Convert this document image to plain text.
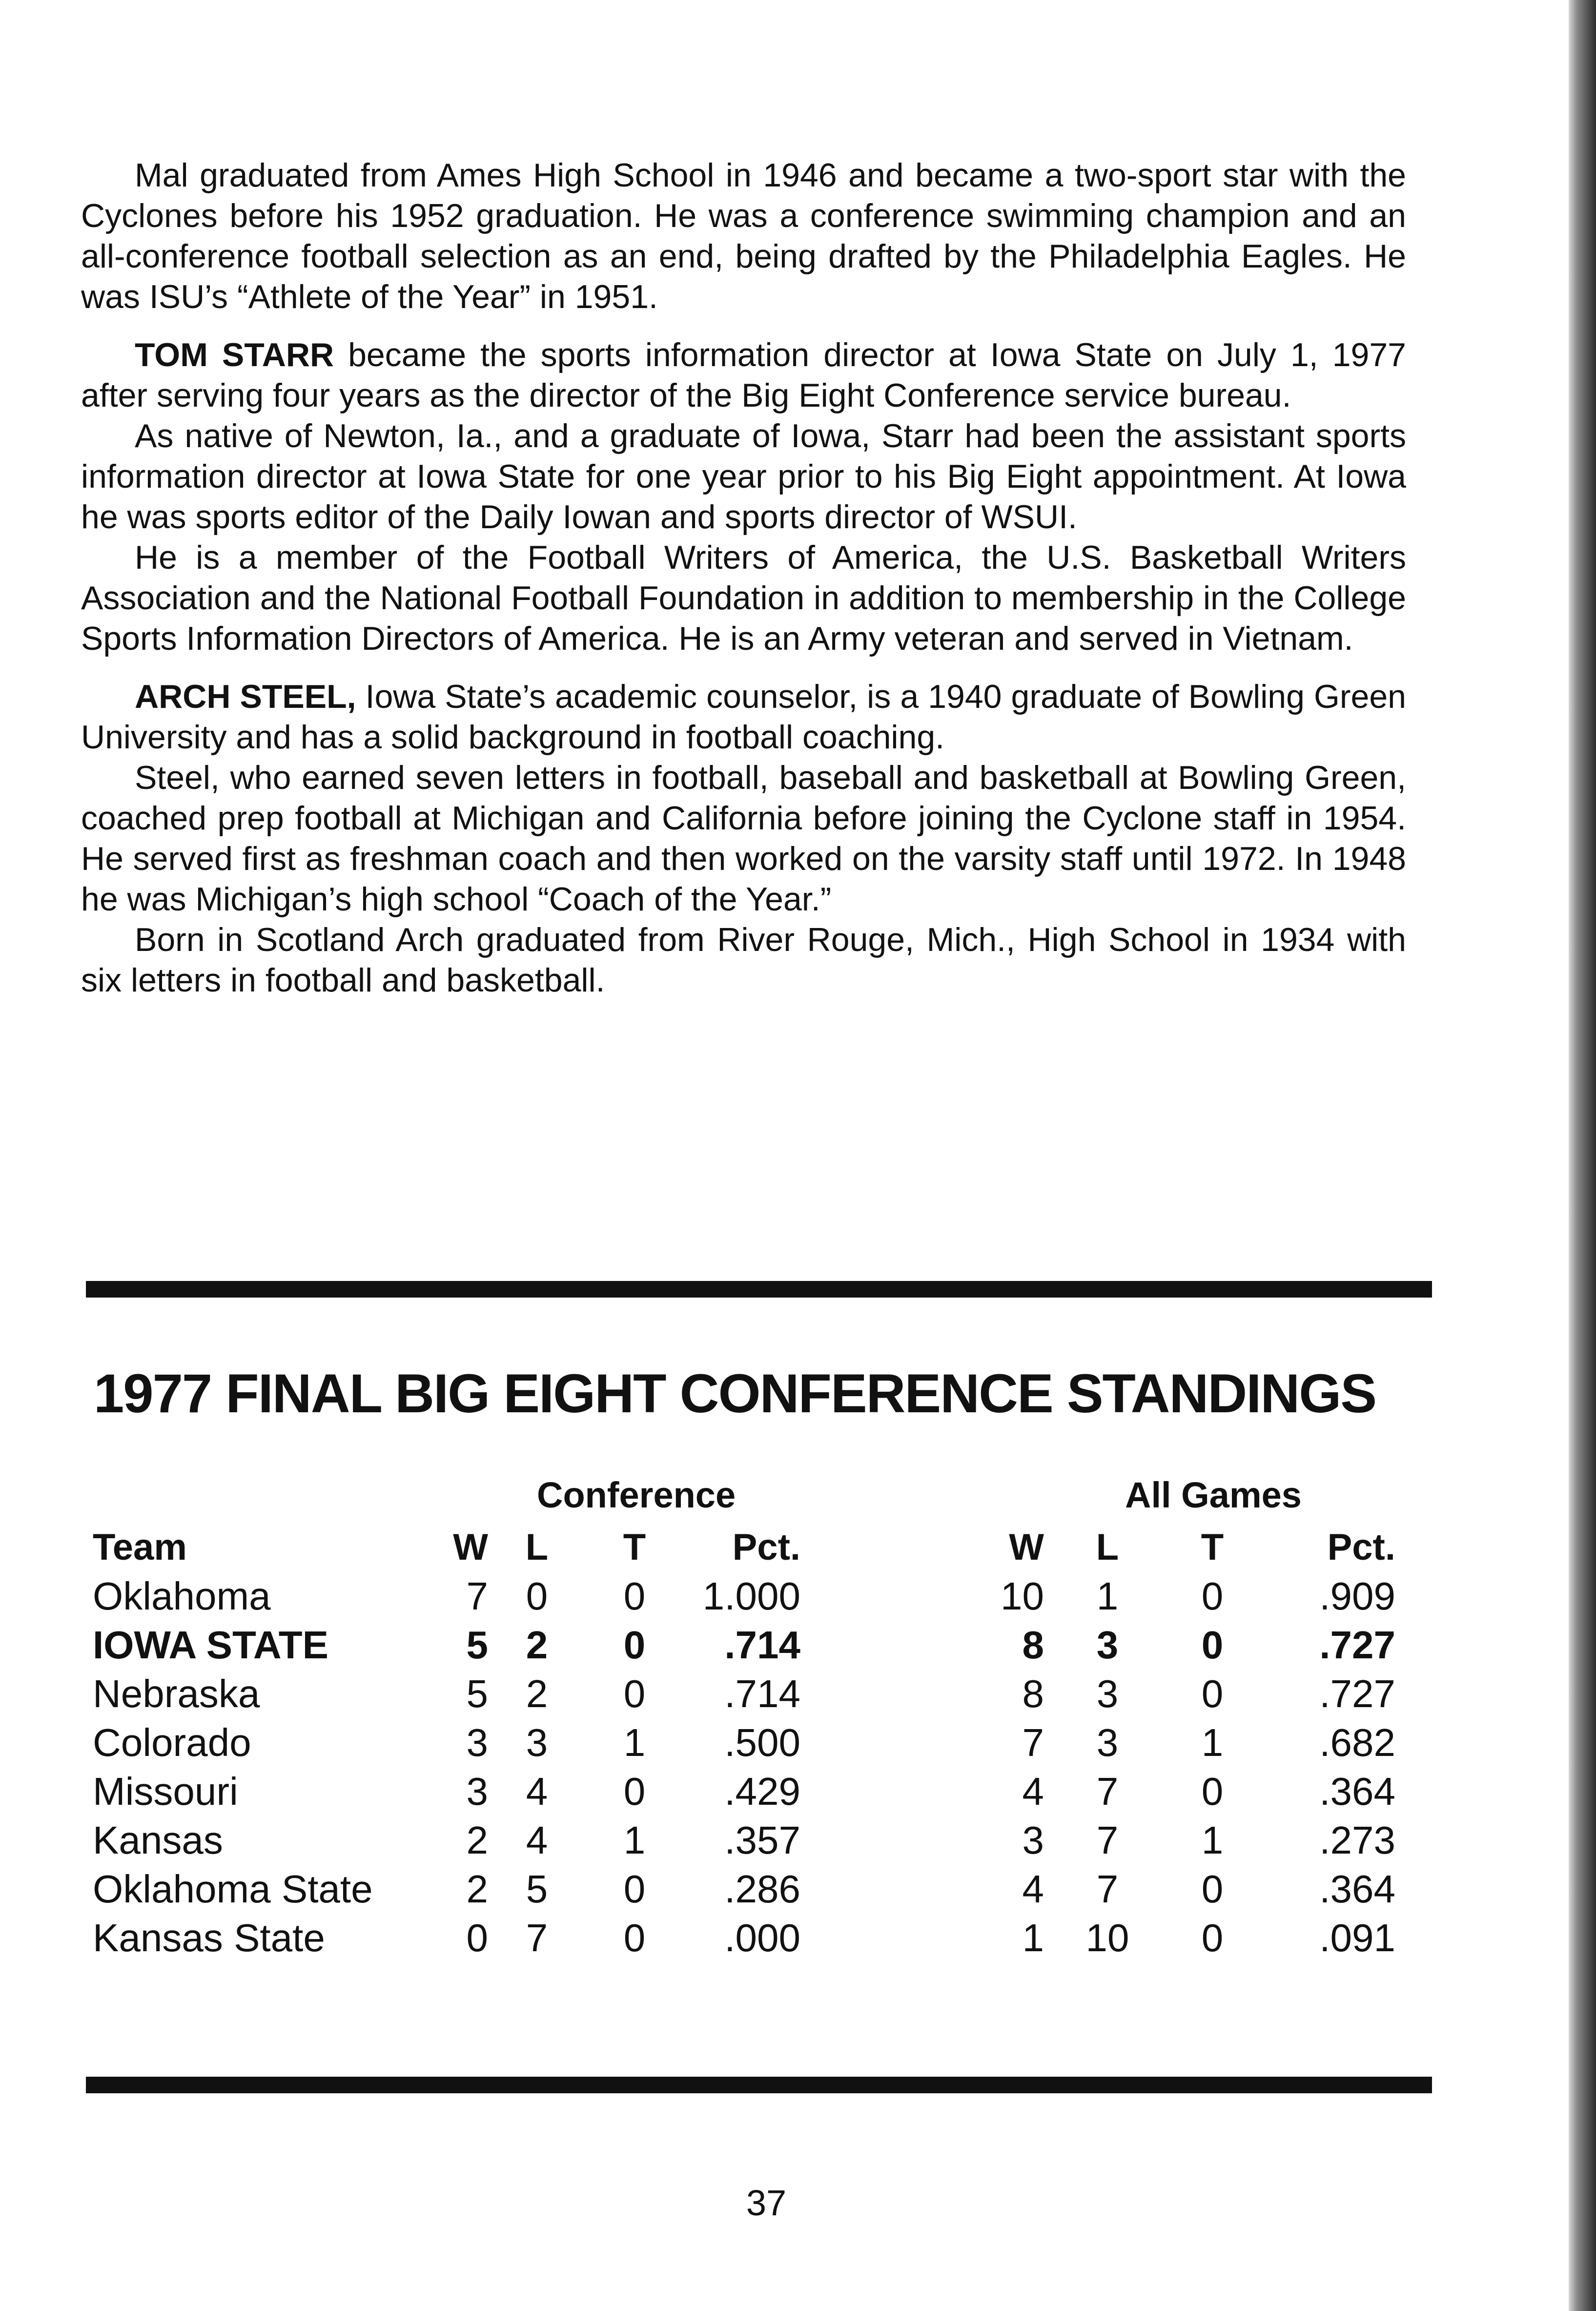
Mal graduated from Ames High School in 1946 and became a two-sport star with the Cyclones before his 1952 graduation. He was a conference swimming champion and an all-conference football selection as an end, being drafted by the Philadelphia Eagles. He was ISU’s “Athlete of the Year” in 1951.

TOM STARR became the sports information director at Iowa State on July 1, 1977 after serving four years as the director of the Big Eight Conference service bureau.

As native of Newton, Ia., and a graduate of Iowa, Starr had been the assistant sports information director at Iowa State for one year prior to his Big Eight appointment. At Iowa he was sports editor of the Daily Iowan and sports director of WSUI.

He is a member of the Football Writers of America, the U.S. Basketball Writers Association and the National Football Foundation in addition to membership in the College Sports Information Directors of America. He is an Army veteran and served in Vietnam.

ARCH STEEL, Iowa State’s academic counselor, is a 1940 graduate of Bowling Green University and has a solid background in football coaching.

Steel, who earned seven letters in football, baseball and basketball at Bowling Green, coached prep football at Michigan and California before joining the Cyclone staff in 1954. He served first as freshman coach and then worked on the varsity staff until 1972. In 1948 he was Michigan’s high school “Coach of the Year.”

Born in Scotland Arch graduated from River Rouge, Mich., High School in 1934 with six letters in football and basketball.

1977 FINAL BIG EIGHT CONFERENCE STANDINGS
Conference	All Games
Team	W	L	T	Pct.		W	L	T	Pct.
Oklahoma	7	0	0	1.000		10	1	0	.909
IOWA STATE	5	2	0	.714		8	3	0	.727
Nebraska	5	2	0	.714		8	3	0	.727
Colorado	3	3	1	.500		7	3	1	.682
Missouri	3	4	0	.429		4	7	0	.364
Kansas	2	4	1	.357		3	7	1	.273
Oklahoma State	2	5	0	.286		4	7	0	.364
Kansas State	0	7	0	.000		1	10	0	.091
37
